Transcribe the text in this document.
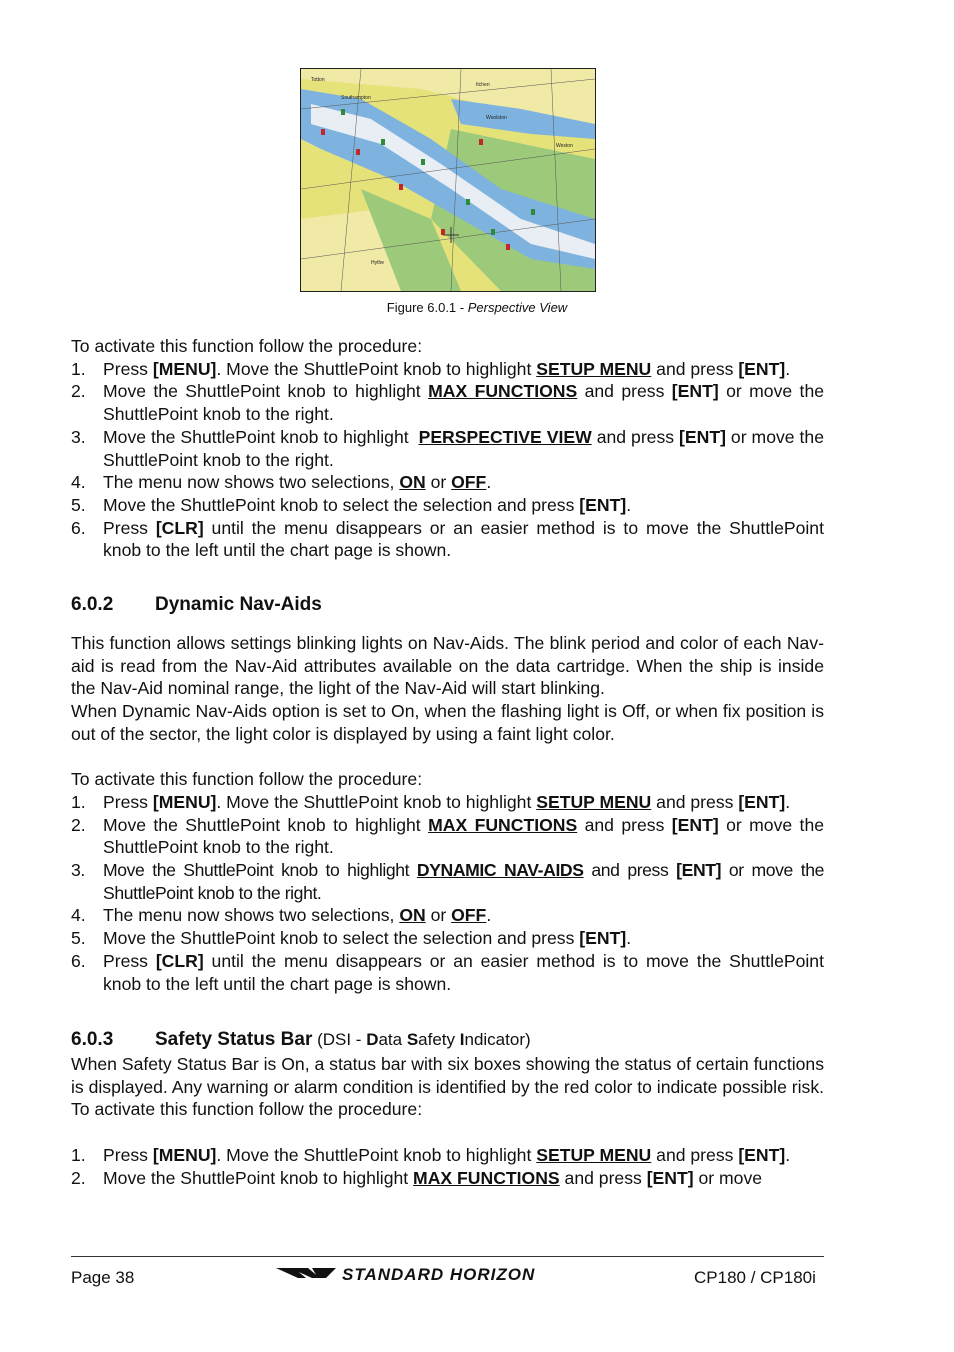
Southampton
Itchen
Woolston
Weston
Hythe
Totton
Figure 6.0.1 - Perspective View

To activate this function follow the procedure:

1. Press [MENU]. Move the ShuttlePoint knob to highlight SETUP MENU and press [ENT].
2. Move the ShuttlePoint knob to highlight MAX FUNCTIONS and press [ENT] or move the ShuttlePoint knob to the right.
3. Move the ShuttlePoint knob to highlight  PERSPECTIVE VIEW and press [ENT] or move the ShuttlePoint knob to the right.
4. The menu now shows two selections, ON or OFF.
5. Move the ShuttlePoint knob to select the selection and press [ENT].
6. Press [CLR] until the menu disappears or an easier method is to move the ShuttlePoint knob to the left until the chart page is shown.
6.0.2 Dynamic Nav-Aids

This function allows settings blinking lights on Nav-Aids. The blink period and color of each Nav-aid is read from the Nav-Aid attributes available on the data cartridge. When the ship is inside the Nav-Aid nominal range, the light of the Nav-Aid will start blinking.

When Dynamic Nav-Aids option is set to On, when the flashing light is Off, or when fix position is out of the sector, the light color is displayed by using a faint light color.

To activate this function follow the procedure:

1. Press [MENU]. Move the ShuttlePoint knob to highlight SETUP MENU and press [ENT].
2. Move the ShuttlePoint knob to highlight MAX FUNCTIONS and press [ENT] or move the ShuttlePoint knob to the right.
3. Move the ShuttlePoint knob to highlight DYNAMIC NAV-AIDS and press [ENT] or move the ShuttlePoint knob to the right.
4. The menu now shows two selections, ON or OFF.
5. Move the ShuttlePoint knob to select the selection and press [ENT].
6. Press [CLR] until the menu disappears or an easier method is to move the ShuttlePoint knob to the left until the chart page is shown.
6.0.3 Safety Status Bar (DSI - Data Safety Indicator)

When Safety Status Bar is On, a status bar with six boxes showing the status of certain functions is displayed. Any warning or alarm condition is identified by the red color to indicate possible risk.

To activate this function follow the procedure:

1. Press [MENU]. Move the ShuttlePoint knob to highlight SETUP MENU and press [ENT].
2. Move the ShuttlePoint knob to highlight MAX FUNCTIONS and press [ENT] or move
Page 38	STANDARD HORIZON	CP180 / CP180i
